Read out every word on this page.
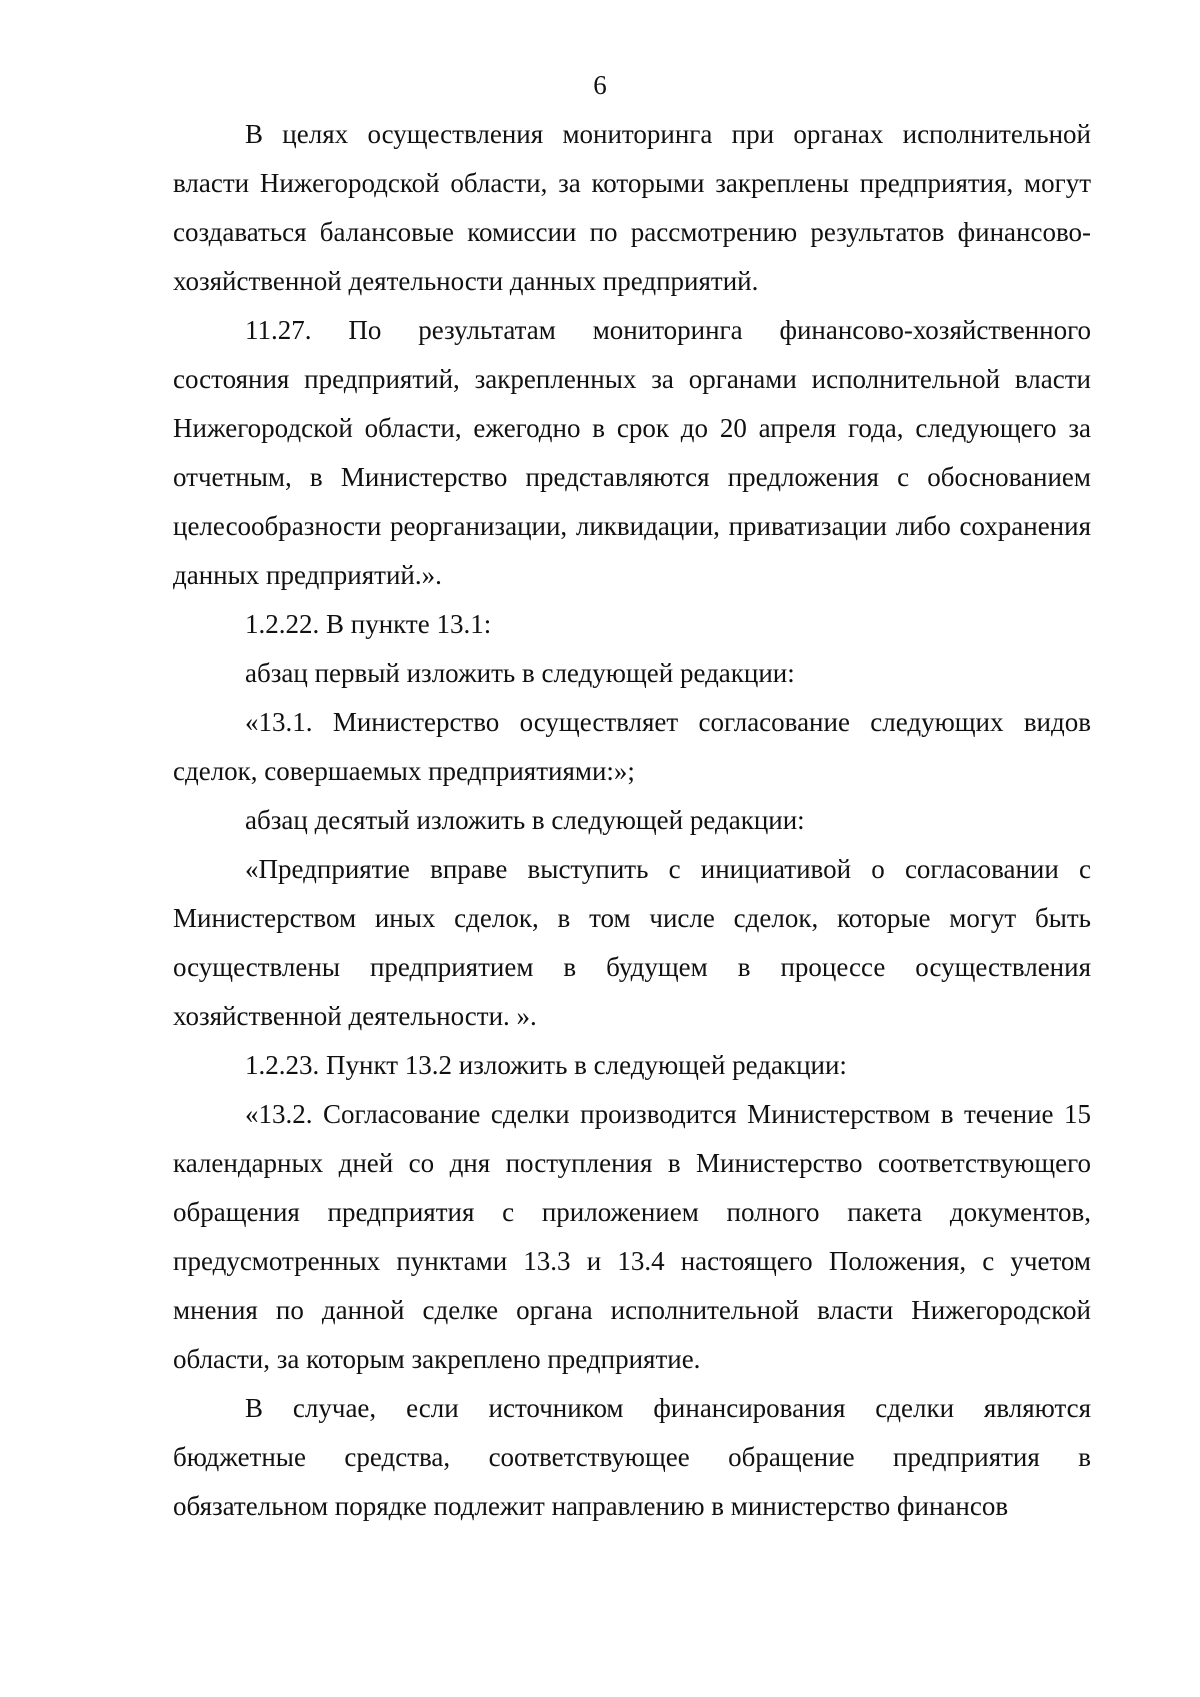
6

В целях осуществления мониторинга при органах исполнительной власти Нижегородской области, за которыми закреплены предприятия, могут создаваться балансовые комиссии по рассмотрению результатов финансово-хозяйственной деятельности данных предприятий.

11.27. По результатам мониторинга финансово-хозяйственного состояния предприятий, закрепленных за органами исполнительной власти Нижегородской области, ежегодно в срок до 20 апреля года, следующего за отчетным, в Министерство представляются предложения с обоснованием целесообразности реорганизации, ликвидации, приватизации либо сохранения данных предприятий.».

1.2.22. В пункте 13.1:

абзац первый изложить в следующей редакции:

«13.1. Министерство осуществляет согласование следующих видов сделок, совершаемых предприятиями:»;

абзац десятый изложить в следующей редакции:

«Предприятие вправе выступить с инициативой о согласовании с Министерством иных сделок, в том числе сделок, которые могут быть осуществлены предприятием в будущем в процессе осуществления хозяйственной деятельности. ».

1.2.23. Пункт 13.2 изложить в следующей редакции:

«13.2. Согласование сделки производится Министерством в течение 15 календарных дней со дня поступления в Министерство соответствующего обращения предприятия с приложением полного пакета документов, предусмотренных пунктами 13.3 и 13.4 настоящего Положения, с учетом мнения по данной сделке органа исполнительной власти Нижегородской области, за которым закреплено предприятие.

В случае, если источником финансирования сделки являются бюджетные средства, соответствующее обращение предприятия в обязательном порядке подлежит направлению в министерство финансов
